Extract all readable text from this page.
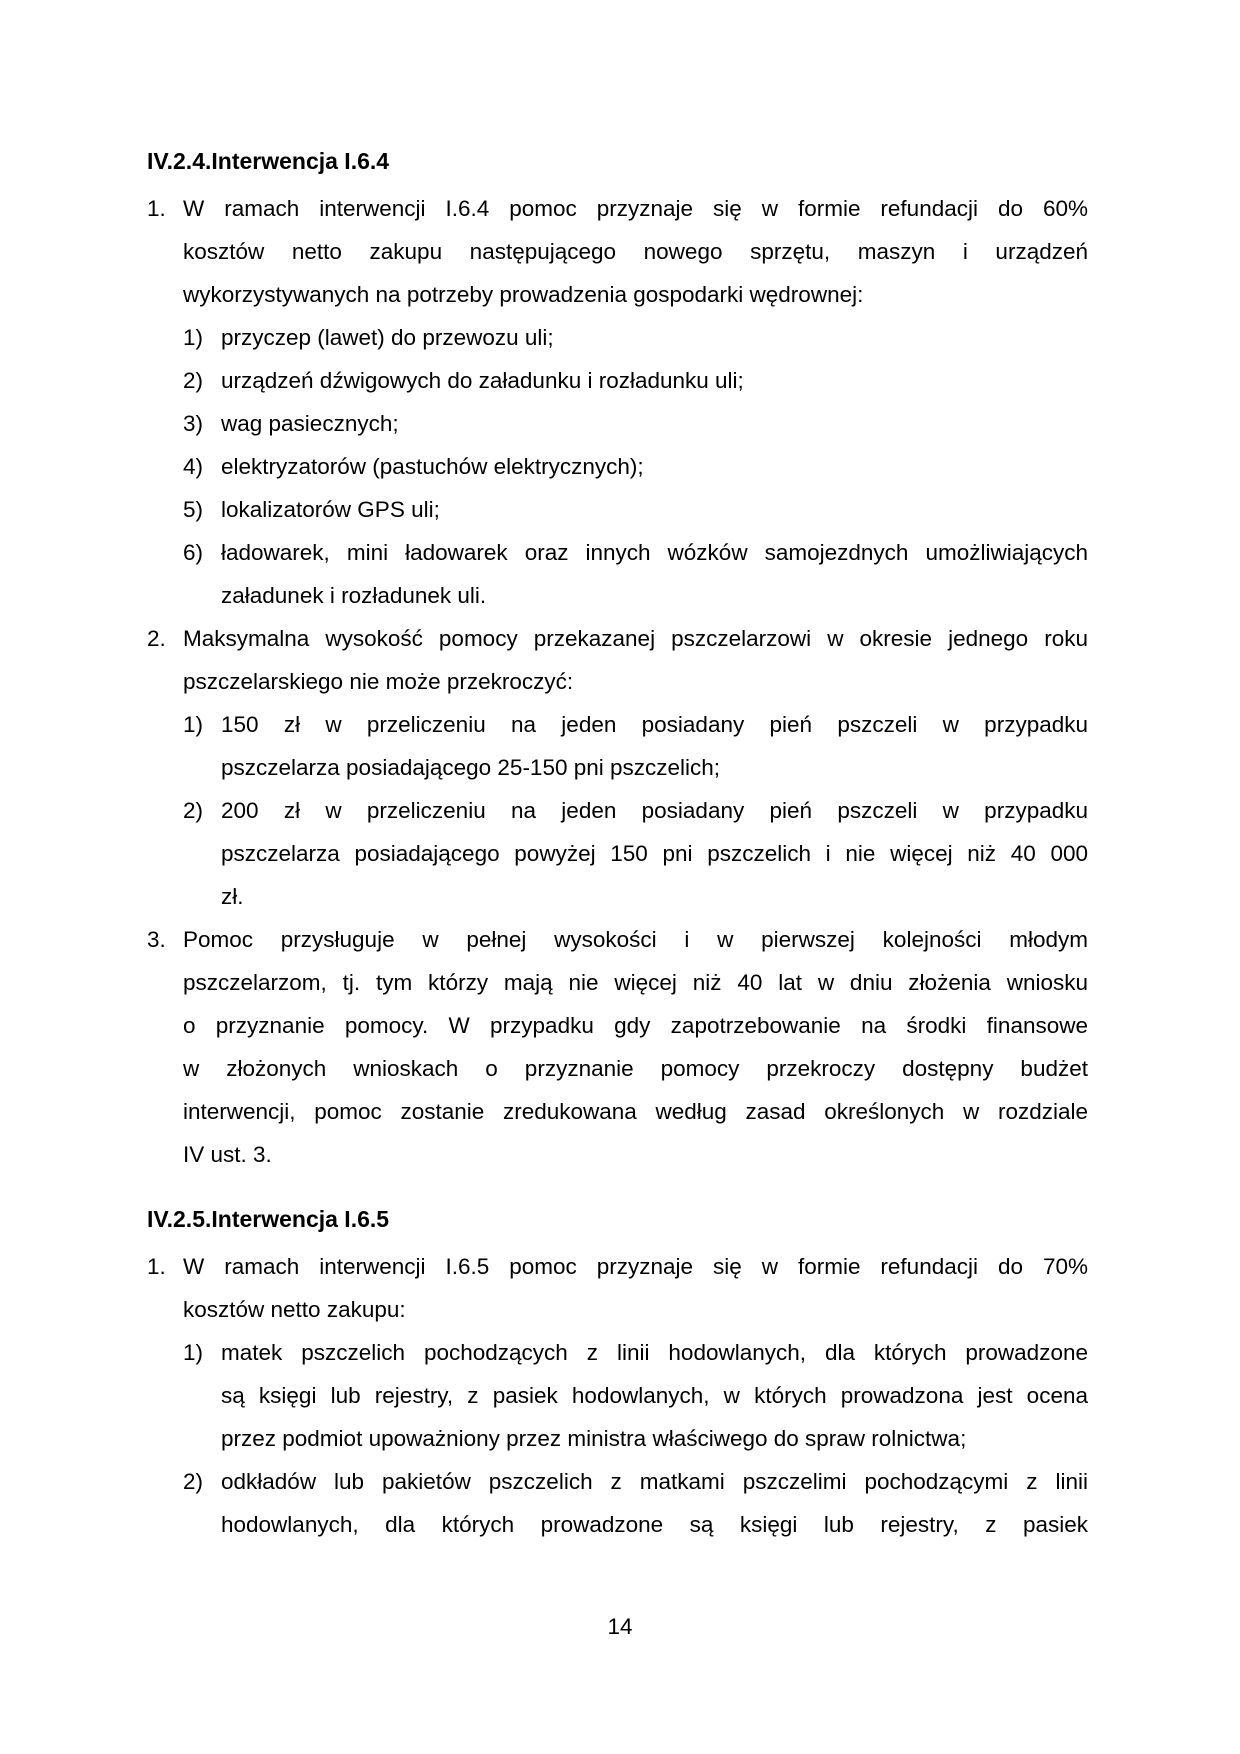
IV.2.4.Interwencja I.6.4
1. W ramach interwencji I.6.4 pomoc przyznaje się w formie refundacji do 60%
kosztów netto zakupu następującego nowego sprzętu, maszyn i urządzeń
wykorzystywanych na potrzeby prowadzenia gospodarki wędrownej:
1) przyczep (lawet) do przewozu uli;
2) urządzeń dźwigowych do załadunku i rozładunku uli;
3) wag pasiecznych;
4) elektryzatorów (pastuchów elektrycznych);
5) lokalizatorów GPS uli;
6) ładowarek, mini ładowarek oraz innych wózków samojezdnych umożliwiających
załadunek i rozładunek uli.
2. Maksymalna wysokość pomocy przekazanej pszczelarzowi w okresie jednego roku
pszczelarskiego nie może przekroczyć:
1) 150 zł w przeliczeniu na jeden posiadany pień pszczeli w przypadku
pszczelarza posiadającego 25-150 pni pszczelich;
2) 200 zł w przeliczeniu na jeden posiadany pień pszczeli w przypadku
pszczelarza posiadającego powyżej 150 pni pszczelich i nie więcej niż 40 000
zł.
3. Pomoc przysługuje w pełnej wysokości i w pierwszej kolejności młodym
pszczelarzom, tj. tym którzy mają nie więcej niż 40 lat w dniu złożenia wniosku
o przyznanie pomocy. W przypadku gdy zapotrzebowanie na środki finansowe
w złożonych wnioskach o przyznanie pomocy przekroczy dostępny budżet
interwencji, pomoc zostanie zredukowana według zasad określonych w rozdziale
IV ust. 3.
IV.2.5.Interwencja I.6.5
1. W ramach interwencji I.6.5 pomoc przyznaje się w formie refundacji do 70%
kosztów netto zakupu:
1) matek pszczelich pochodzących z linii hodowlanych, dla których prowadzone
są księgi lub rejestry, z pasiek hodowlanych, w których prowadzona jest ocena
przez podmiot upoważniony przez ministra właściwego do spraw rolnictwa;
2) odkładów lub pakietów pszczelich z matkami pszczelimi pochodzącymi z linii
hodowlanych, dla których prowadzone są księgi lub rejestry, z pasiek
14
